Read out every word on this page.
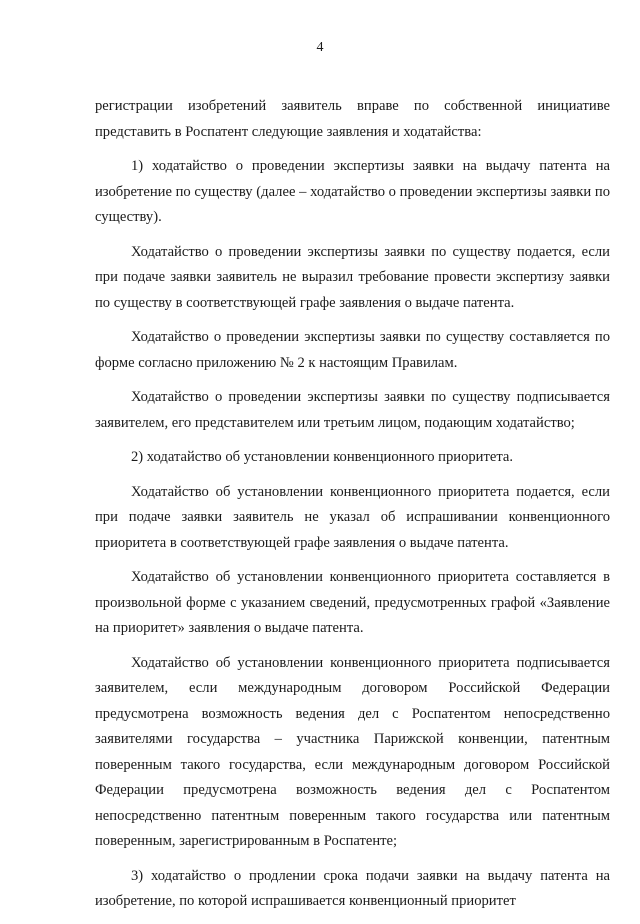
4

регистрации изобретений заявитель вправе по собственной инициативе представить в Роспатент следующие заявления и ходатайства:

1) ходатайство о проведении экспертизы заявки на выдачу патента на изобретение по существу (далее – ходатайство о проведении экспертизы заявки по существу).

Ходатайство о проведении экспертизы заявки по существу подается, если при подаче заявки заявитель не выразил требование провести экспертизу заявки по существу в соответствующей графе заявления о выдаче патента.

Ходатайство о проведении экспертизы заявки по существу составляется по форме согласно приложению № 2 к настоящим Правилам.

Ходатайство о проведении экспертизы заявки по существу подписывается заявителем, его представителем или третьим лицом, подающим ходатайство;

2) ходатайство об установлении конвенционного приоритета.

Ходатайство об установлении конвенционного приоритета подается, если при подаче заявки заявитель не указал об испрашивании конвенционного приоритета в соответствующей графе заявления о выдаче патента.

Ходатайство об установлении конвенционного приоритета составляется в произвольной форме с указанием сведений, предусмотренных графой «Заявление на приоритет» заявления о выдаче патента.

Ходатайство об установлении конвенционного приоритета подписывается заявителем, если международным договором Российской Федерации предусмотрена возможность ведения дел с Роспатентом непосредственно заявителями государства – участника Парижской конвенции, патентным поверенным такого государства, если международным договором Российской Федерации предусмотрена возможность ведения дел с Роспатентом непосредственно патентным поверенным такого государства или патентным поверенным, зарегистрированным в Роспатенте;

3) ходатайство о продлении срока подачи заявки на выдачу патента на изобретение, по которой испрашивается конвенционный приоритет
